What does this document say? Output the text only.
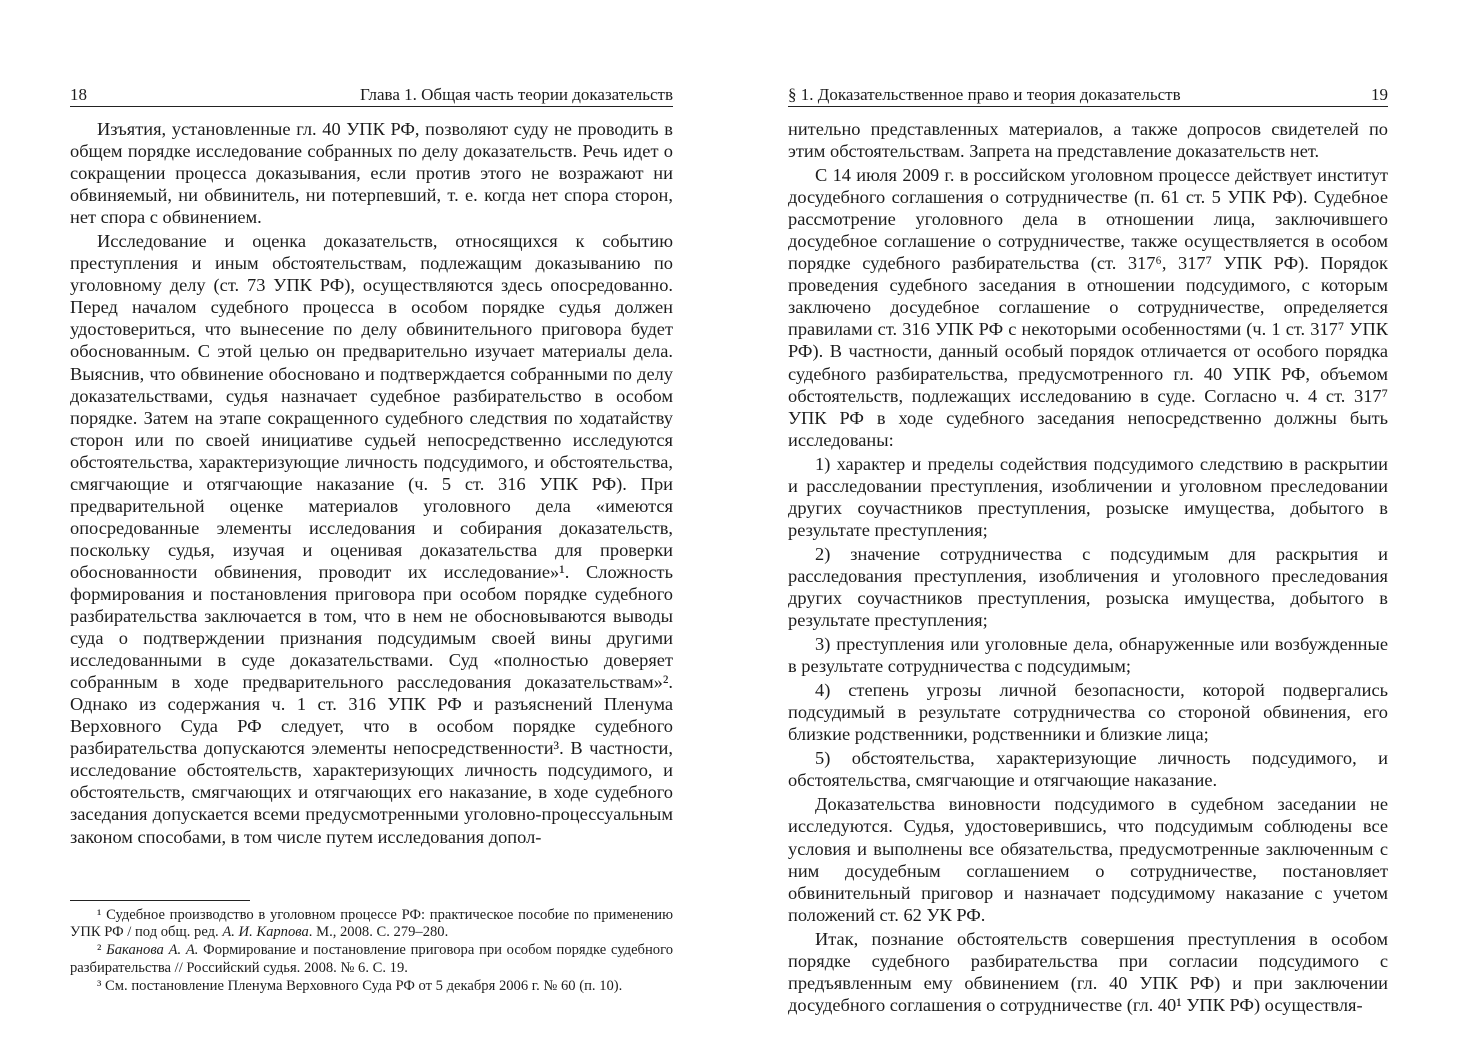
18	Глава 1. Общая часть теории доказательств

Изъятия, установленные гл. 40 УПК РФ, позволяют суду не проводить в общем порядке исследование собранных по делу доказательств. Речь идет о сокращении процесса доказывания, если против этого не возражают ни обвиняемый, ни обвинитель, ни потерпевший, т. е. когда нет спора сторон, нет спора с обвинением.

Исследование и оценка доказательств, относящихся к событию преступления и иным обстоятельствам, подлежащим доказыванию по уголовному делу (ст. 73 УПК РФ), осуществляются здесь опосредованно. Перед началом судебного процесса в особом порядке судья должен удостовериться, что вынесение по делу обвинительного приговора будет обоснованным. С этой целью он предварительно изучает материалы дела. Выяснив, что обвинение обосновано и подтверждается собранными по делу доказательствами, судья назначает судебное разбирательство в особом порядке. Затем на этапе сокращенного судебного следствия по ходатайству сторон или по своей инициативе судьей непосредственно исследуются обстоятельства, характеризующие личность подсудимого, и обстоятельства, смягчающие и отягчающие наказание (ч. 5 ст. 316 УПК РФ). При предварительной оценке материалов уголовного дела «имеются опосредованные элементы исследования и собирания доказательств, поскольку судья, изучая и оценивая доказательства для проверки обоснованности обвинения, проводит их исследование»¹. Сложность формирования и постановления приговора при особом порядке судебного разбирательства заключается в том, что в нем не обосновываются выводы суда о подтверждении признания подсудимым своей вины другими исследованными в суде доказательствами. Суд «полностью доверяет собранным в ходе предварительного расследования доказательствам»². Однако из содержания ч. 1 ст. 316 УПК РФ и разъяснений Пленума Верховного Суда РФ следует, что в особом порядке судебного разбирательства допускаются элементы непосредственности³. В частности, исследование обстоятельств, характеризующих личность подсудимого, и обстоятельств, смягчающих и отягчающих его наказание, в ходе судебного заседания допускается всеми предусмотренными уголовно-процессуальным законом способами, в том числе путем исследования допол-

¹ Судебное производство в уголовном процессе РФ: практическое пособие по применению УПК РФ / под общ. ред. А. И. Карпова. М., 2008. С. 279–280.

² Баканова А. А. Формирование и постановление приговора при особом порядке судебного разбирательства // Российский судья. 2008. № 6. С. 19.

³ См. постановление Пленума Верховного Суда РФ от 5 декабря 2006 г. № 60 (п. 10).

§ 1. Доказательственное право и теория доказательств	19

нительно представленных материалов, а также допросов свидетелей по этим обстоятельствам. Запрета на представление доказательств нет.

С 14 июля 2009 г. в российском уголовном процессе действует институт досудебного соглашения о сотрудничестве (п. 61 ст. 5 УПК РФ). Судебное рассмотрение уголовного дела в отношении лица, заключившего досудебное соглашение о сотрудничестве, также осуществляется в особом порядке судебного разбирательства (ст. 317⁶, 317⁷ УПК РФ). Порядок проведения судебного заседания в отношении подсудимого, с которым заключено досудебное соглашение о сотрудничестве, определяется правилами ст. 316 УПК РФ с некоторыми особенностями (ч. 1 ст. 317⁷ УПК РФ). В частности, данный особый порядок отличается от особого порядка судебного разбирательства, предусмотренного гл. 40 УПК РФ, объемом обстоятельств, подлежащих исследованию в суде. Согласно ч. 4 ст. 317⁷ УПК РФ в ходе судебного заседания непосредственно должны быть исследованы:

1) характер и пределы содействия подсудимого следствию в раскрытии и расследовании преступления, изобличении и уголовном преследовании других соучастников преступления, розыске имущества, добытого в результате преступления;

2) значение сотрудничества с подсудимым для раскрытия и расследования преступления, изобличения и уголовного преследования других соучастников преступления, розыска имущества, добытого в результате преступления;

3) преступления или уголовные дела, обнаруженные или возбужденные в результате сотрудничества с подсудимым;

4) степень угрозы личной безопасности, которой подвергались подсудимый в результате сотрудничества со стороной обвинения, его близкие родственники, родственники и близкие лица;

5) обстоятельства, характеризующие личность подсудимого, и обстоятельства, смягчающие и отягчающие наказание.

Доказательства виновности подсудимого в судебном заседании не исследуются. Судья, удостоверившись, что подсудимым соблюдены все условия и выполнены все обязательства, предусмотренные заключенным с ним досудебным соглашением о сотрудничестве, постановляет обвинительный приговор и назначает подсудимому наказание с учетом положений ст. 62 УК РФ.

Итак, познание обстоятельств совершения преступления в особом порядке судебного разбирательства при согласии подсудимого с предъявленным ему обвинением (гл. 40 УПК РФ) и при заключении досудебного соглашения о сотрудничестве (гл. 40¹ УПК РФ) осуществля-
